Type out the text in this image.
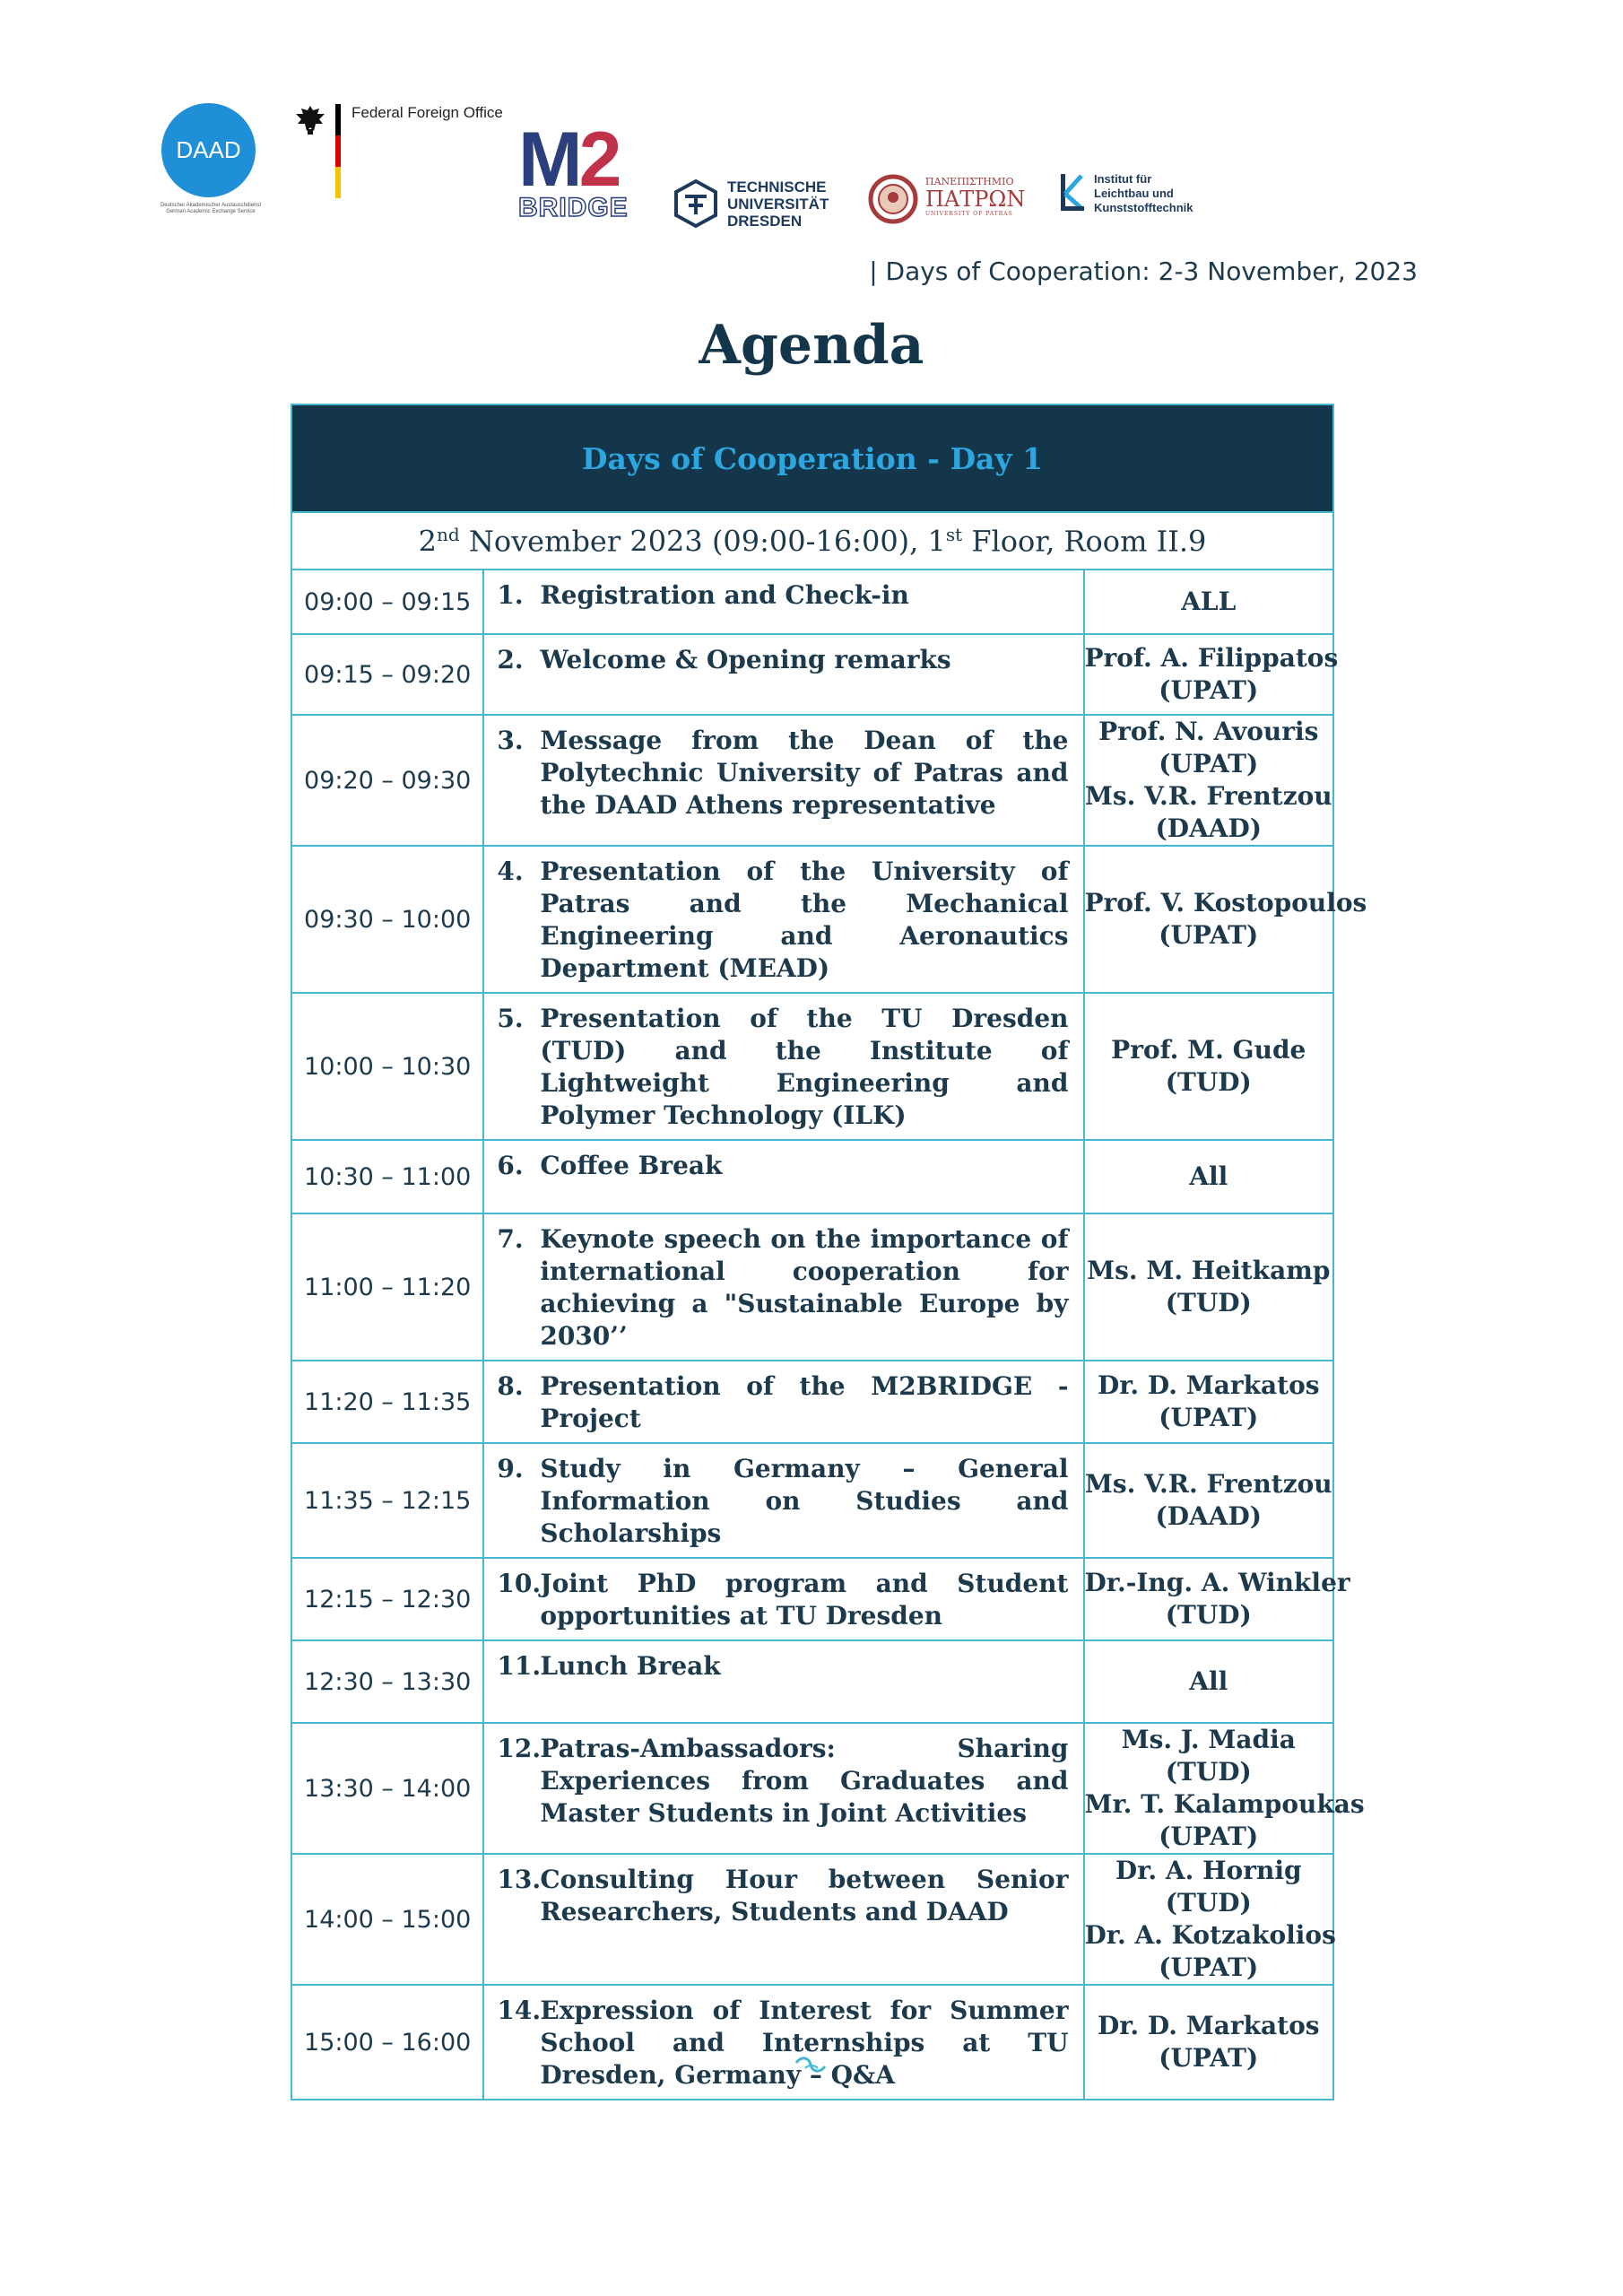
DAAD
Deutscher Akademischer Austauschdienst
German Academic Exchange Service
Federal Foreign Office
M2
BRIDGE
TECHNISCHE
UNIVERSITÄT
DRESDEN
ΠΑΝΕΠΙΣΤΗΜΙΟ
ΠΑΤΡΩΝ
UNIVERSITY OF PATRAS
Institut für
Leichtbau und
Kunststofftechnik
| Days of Cooperation: 2-3 November, 2023
Agenda
Days of Cooperation - Day 1		
2nd November 2023 (09:00-16:00), 1st Floor, Room II.9		
09:00 – 09:15	1. Registration and Check-in	ALL

09:15 – 09:20	2. Welcome & Opening remarks	Prof. A. Filippatos
(UPAT)

09:20 – 09:30	3. Message from the Dean of the Polytechnic University of Patras and the DAAD Athens representative	Prof. N. Avouris
(UPAT)
Ms. V.R. Frentzou
(DAAD)

09:30 – 10:00	4. Presentation of the University of Patras and the Mechanical Engineering and Aeronautics Department (MEAD)	Prof. V. Kostopoulos
(UPAT)

10:00 – 10:30	5. Presentation of the TU Dresden (TUD) and the Institute of Lightweight Engineering and Polymer Technology (ILK)	Prof. M. Gude
(TUD)

10:30 – 11:00	6. Coffee Break	All

11:00 – 11:20	7. Keynote speech on the importance of international cooperation for achieving a "Sustainable Europe by 2030’’	Ms. M. Heitkamp
(TUD)

11:20 – 11:35	8. Presentation of the M2BRIDGE - Project	Dr. D. Markatos
(UPAT)

11:35 – 12:15	9. Study in Germany – General Information on Studies and Scholarships	Ms. V.R. Frentzou
(DAAD)

12:15 – 12:30	10. Joint PhD program and Student opportunities at TU Dresden	Dr.-Ing. A. Winkler
(TUD)

12:30 – 13:30	11. Lunch Break	All

13:30 – 14:00	12. Patras-Ambassadors: Sharing Experiences from Graduates and Master Students in Joint Activities	Ms. J. Madia
(TUD)
Mr. T. Kalampoukas
(UPAT)

14:00 – 15:00	13. Consulting Hour between Senior Researchers, Students and DAAD	Dr. A. Hornig
(TUD)
Dr. A. Kotzakolios
(UPAT)

15:00 – 16:00	14. Expression of Interest for Summer School and Internships at TU Dresden, Germany – Q&A	Dr. D. Markatos
(UPAT)
